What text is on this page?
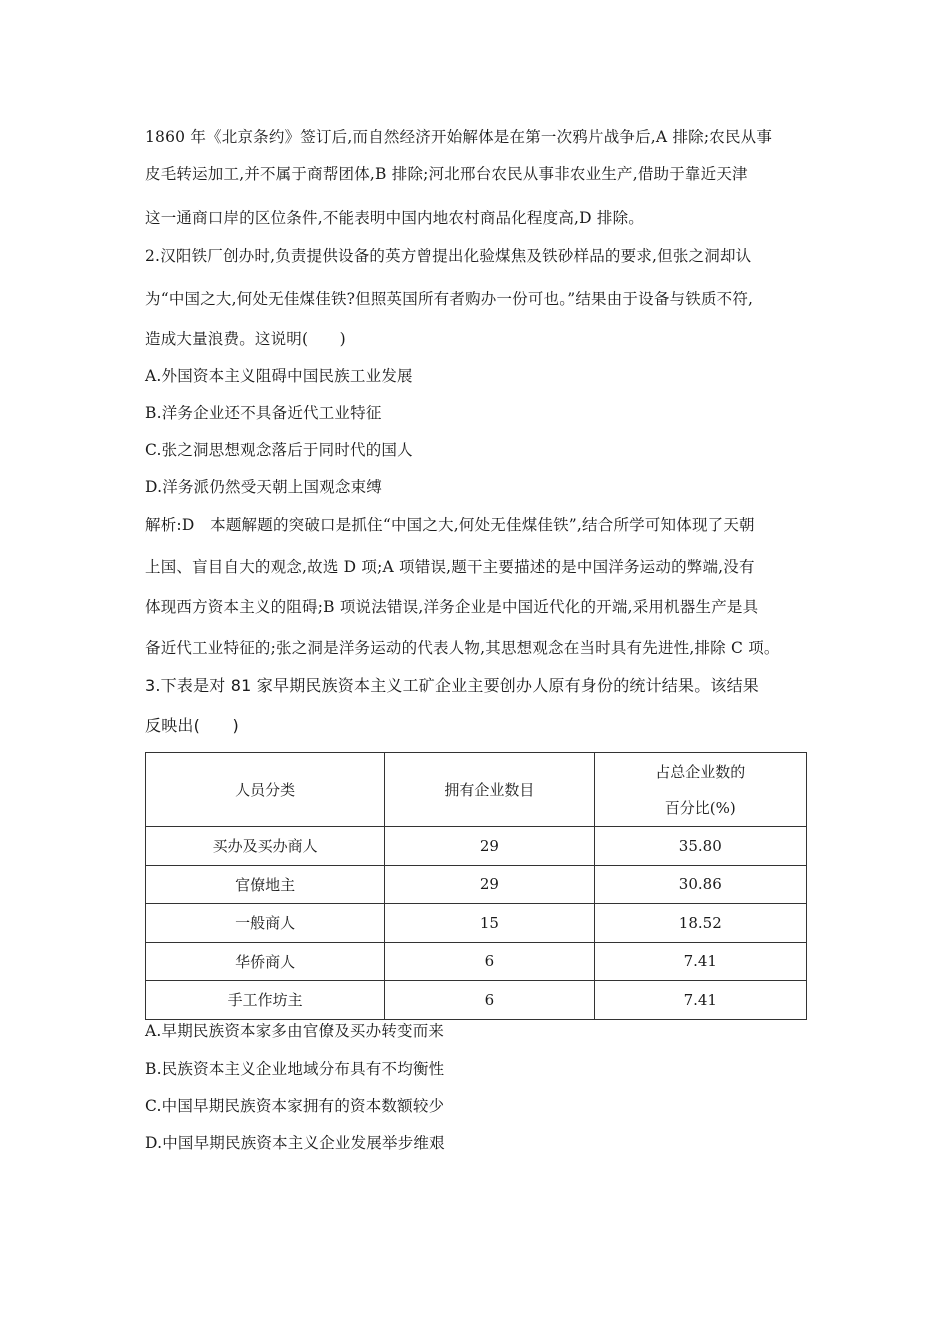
1860 年《北京条约》签订后,而自然经济开始解体是在第一次鸦片战争后,A 排除;农民从事
皮毛转运加工,并不属于商帮团体,B 排除;河北邢台农民从事非农业生产,借助于靠近天津
这一通商口岸的区位条件,不能表明中国内地农村商品化程度高,D 排除。
2.汉阳铁厂创办时,负责提供设备的英方曾提出化验煤焦及铁砂样品的要求,但张之洞却认
为“中国之大,何处无佳煤佳铁?但照英国所有者购办一份可也。”结果由于设备与铁质不符,
造成大量浪费。这说明(　　)
A.外国资本主义阻碍中国民族工业发展
B.洋务企业还不具备近代工业特征
C.张之洞思想观念落后于同时代的国人
D.洋务派仍然受天朝上国观念束缚
解析:D　本题解题的突破口是抓住“中国之大,何处无佳煤佳铁”,结合所学可知体现了天朝
上国、盲目自大的观念,故选 D 项;A 项错误,题干主要描述的是中国洋务运动的弊端,没有
体现西方资本主义的阻碍;B 项说法错误,洋务企业是中国近代化的开端,采用机器生产是具
备近代工业特征的;张之洞是洋务运动的代表人物,其思想观念在当时具有先进性,排除 C 项。
3.下表是对 81 家早期民族资本主义工矿企业主要创办人原有身份的统计结果。该结果
反映出(　　)
人员分类	拥有企业数目	占总企业数的
百分比(%)

买办及买办商人	29	35.80
官僚地主	29	30.86
一般商人	15	18.52
华侨商人	6	7.41
手工作坊主	6	7.41
A.早期民族资本家多由官僚及买办转变而来
B.民族资本主义企业地域分布具有不均衡性
C.中国早期民族资本家拥有的资本数额较少
D.中国早期民族资本主义企业发展举步维艰
